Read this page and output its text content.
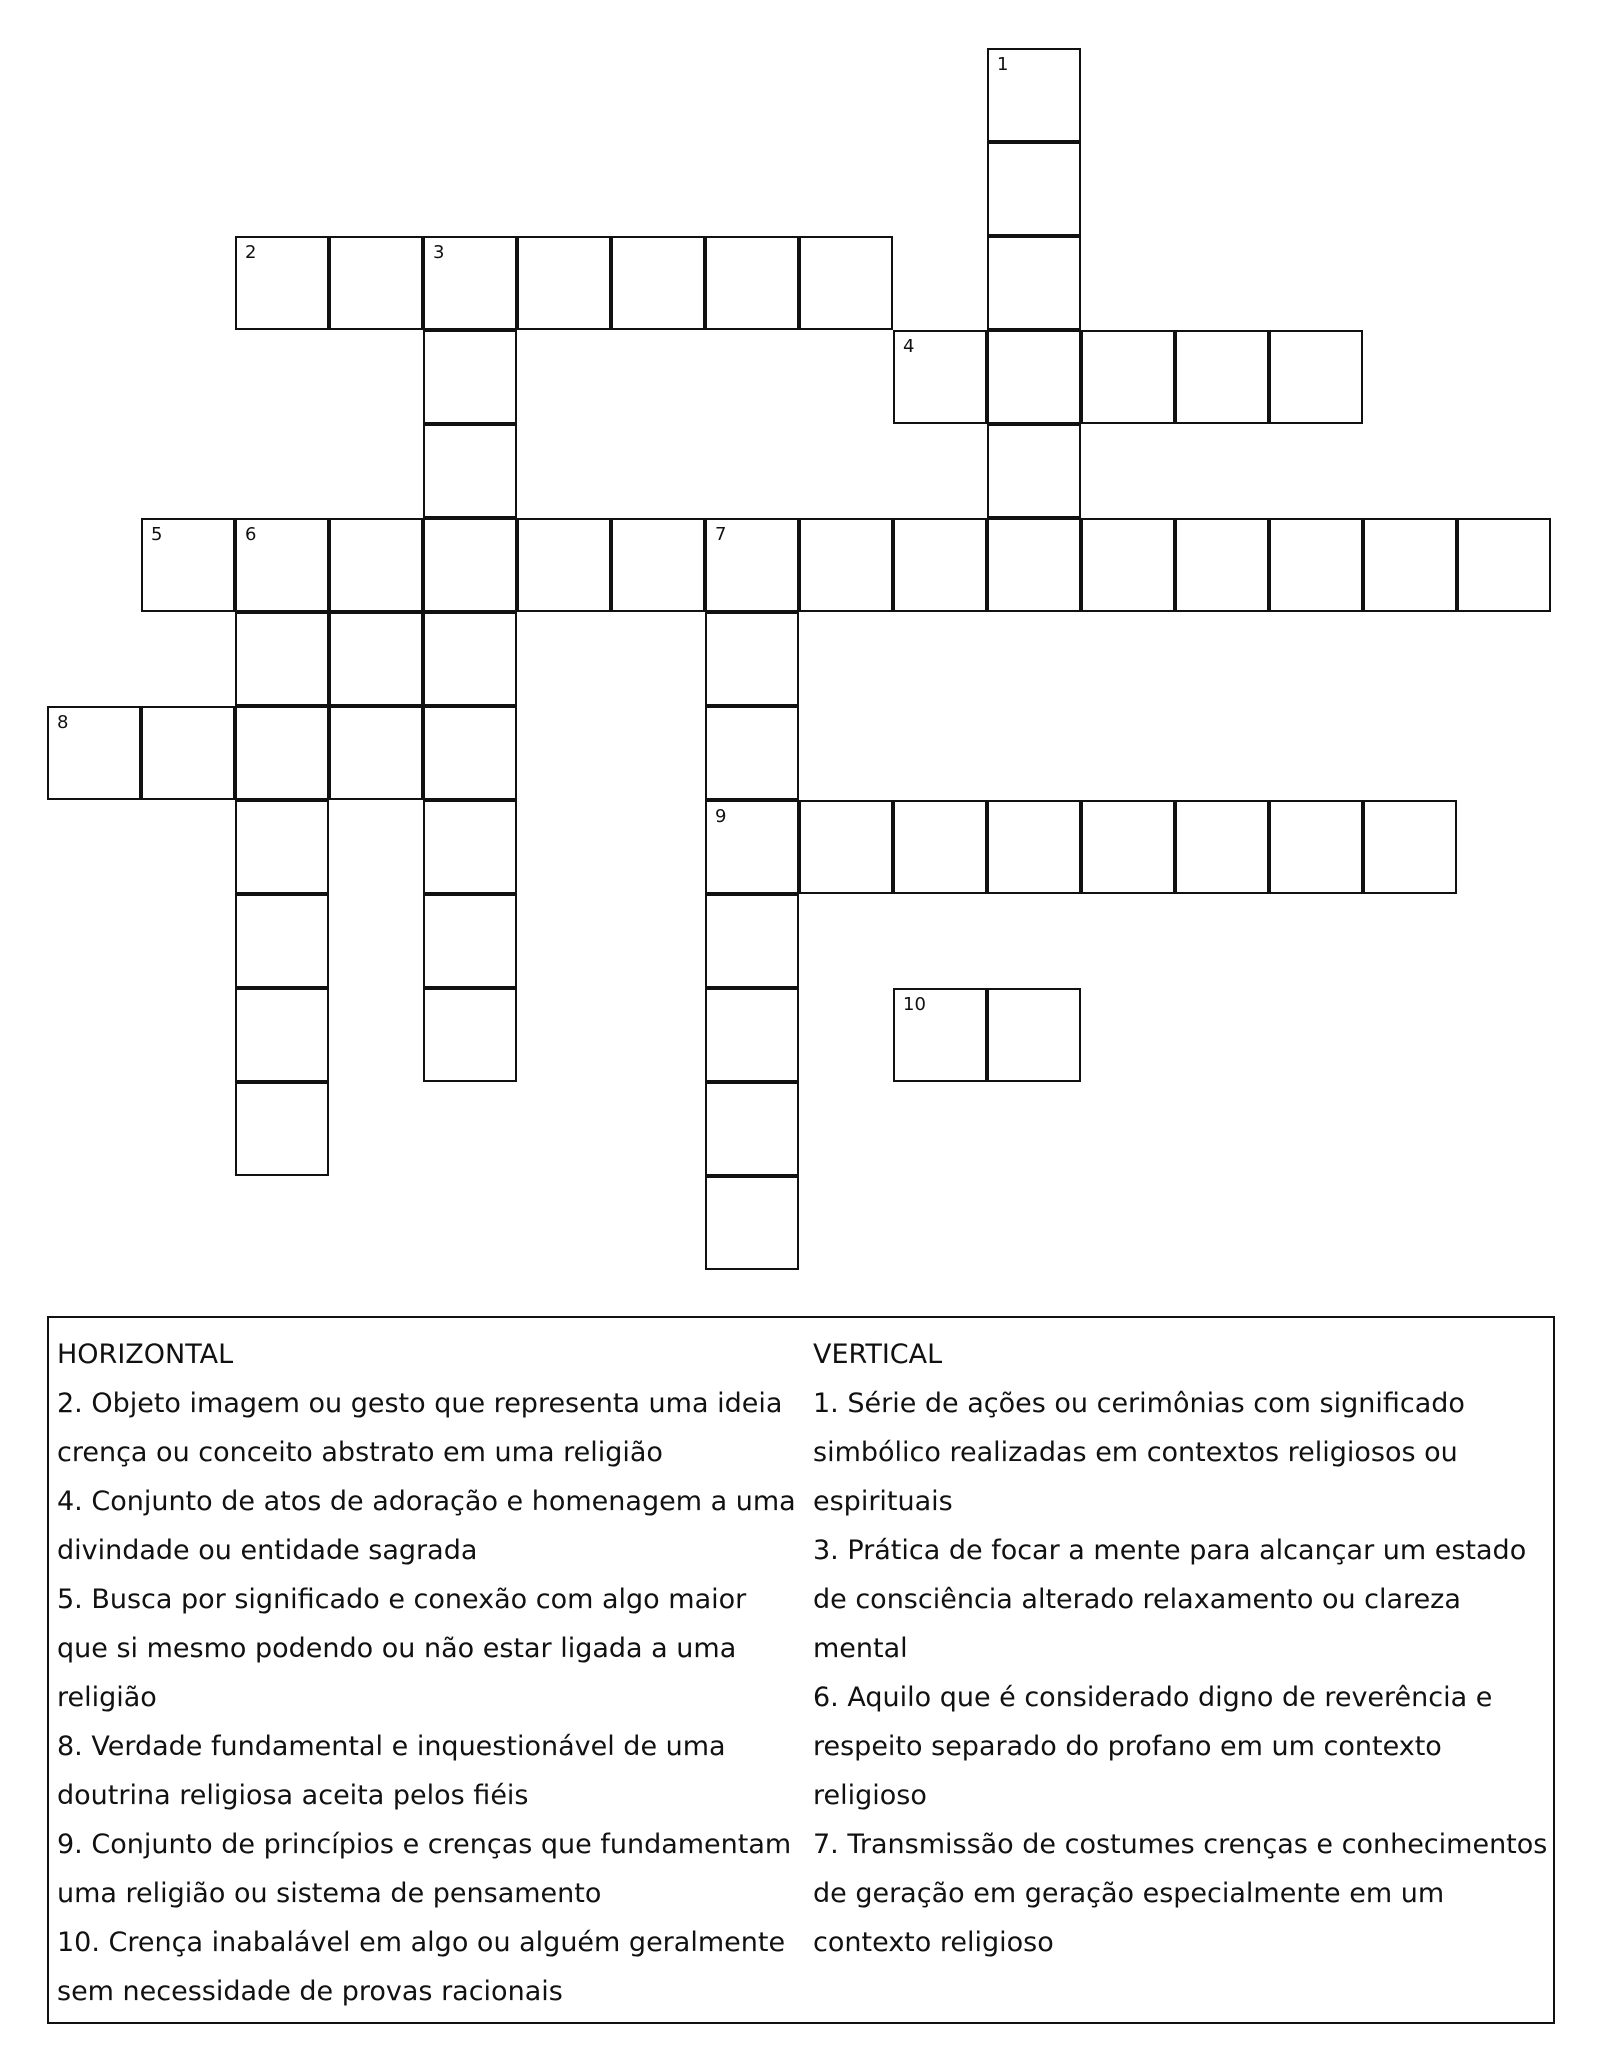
1
2	3
4
5	6	7
9
8
10
HORIZONTAL
2. Objeto imagem ou gesto que representa uma ideia crença ou conceito abstrato em uma religião
4. Conjunto de atos de adoração e homenagem a uma divindade ou entidade sagrada
5. Busca por significado e conexão com algo maior que si mesmo podendo ou não estar ligada a uma religião
8. Verdade fundamental e inquestionável de uma doutrina religiosa aceita pelos fiéis
9. Conjunto de princípios e crenças que fundamentam uma religião ou sistema de pensamento
10. Crença inabalável em algo ou alguém geralmente sem necessidade de provas racionais
VERTICAL
1. Série de ações ou cerimônias com significado simbólico realizadas em contextos religiosos ou espirituais
3. Prática de focar a mente para alcançar um estado de consciência alterado relaxamento ou clareza mental
6. Aquilo que é considerado digno de reverência e respeito separado do profano em um contexto religioso
7. Transmissão de costumes crenças e conhecimentos de geração em geração especialmente em um contexto religioso
